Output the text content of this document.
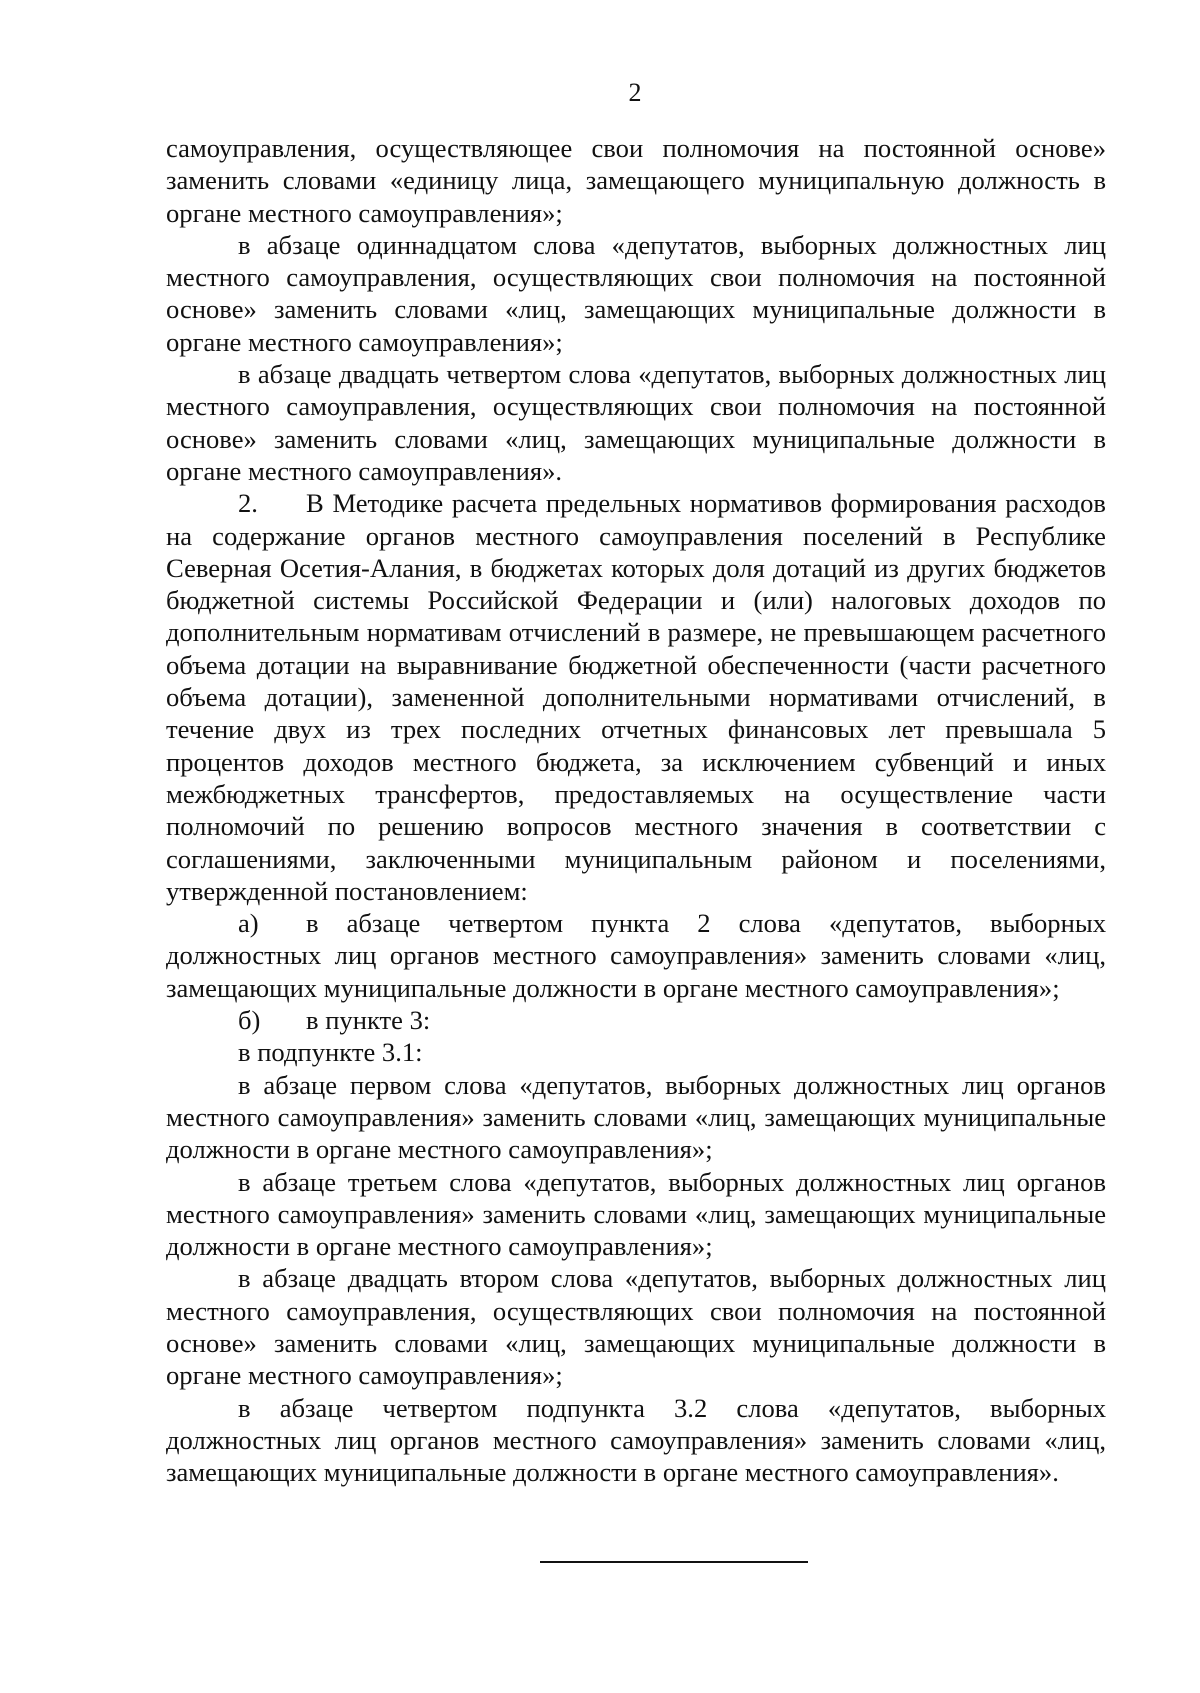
2

самоуправления, осуществляющее свои полномочия на постоянной основе» заменить словами «единицу лица, замещающего муниципальную должность в органе местного самоуправления»;

в абзаце одиннадцатом слова «депутатов, выборных должностных лиц местного самоуправления, осуществляющих свои полномочия на постоянной основе» заменить словами «лиц, замещающих муниципальные должности в органе местного самоуправления»;

в абзаце двадцать четвертом слова «депутатов, выборных должностных лиц местного самоуправления, осуществляющих свои полномочия на постоянной основе» заменить словами «лиц, замещающих муниципальные должности в органе местного самоуправления».

2. В Методике расчета предельных нормативов формирования расходов на содержание органов местного самоуправления поселений в Республике Северная Осетия-Алания, в бюджетах которых доля дотаций из других бюджетов бюджетной системы Российской Федерации и (или) налоговых доходов по дополнительным нормативам отчислений в размере, не превышающем расчетного объема дотации на выравнивание бюджетной обеспеченности (части расчетного объема дотации), замененной дополнительными нормативами отчислений, в течение двух из трех последних отчетных финансовых лет превышала 5 процентов доходов местного бюджета, за исключением субвенций и иных межбюджетных трансфертов, предоставляемых на осуществление части полномочий по решению вопросов местного значения в соответствии с соглашениями, заключенными муниципальным районом и поселениями, утвержденной постановлением:

а) в абзаце четвертом пункта 2 слова «депутатов, выборных должностных лиц органов местного самоуправления» заменить словами «лиц, замещающих муниципальные должности в органе местного самоуправления»;

б) в пункте 3:

в подпункте 3.1:

в абзаце первом слова «депутатов, выборных должностных лиц органов местного самоуправления» заменить словами «лиц, замещающих муниципальные должности в органе местного самоуправления»;

в абзаце третьем слова «депутатов, выборных должностных лиц органов местного самоуправления» заменить словами «лиц, замещающих муниципальные должности в органе местного самоуправления»;

в абзаце двадцать втором слова «депутатов, выборных должностных лиц местного самоуправления, осуществляющих свои полномочия на постоянной основе» заменить словами «лиц, замещающих муниципальные должности в органе местного самоуправления»;

в абзаце четвертом подпункта 3.2 слова «депутатов, выборных должностных лиц органов местного самоуправления» заменить словами «лиц, замещающих муниципальные должности в органе местного самоуправления».
